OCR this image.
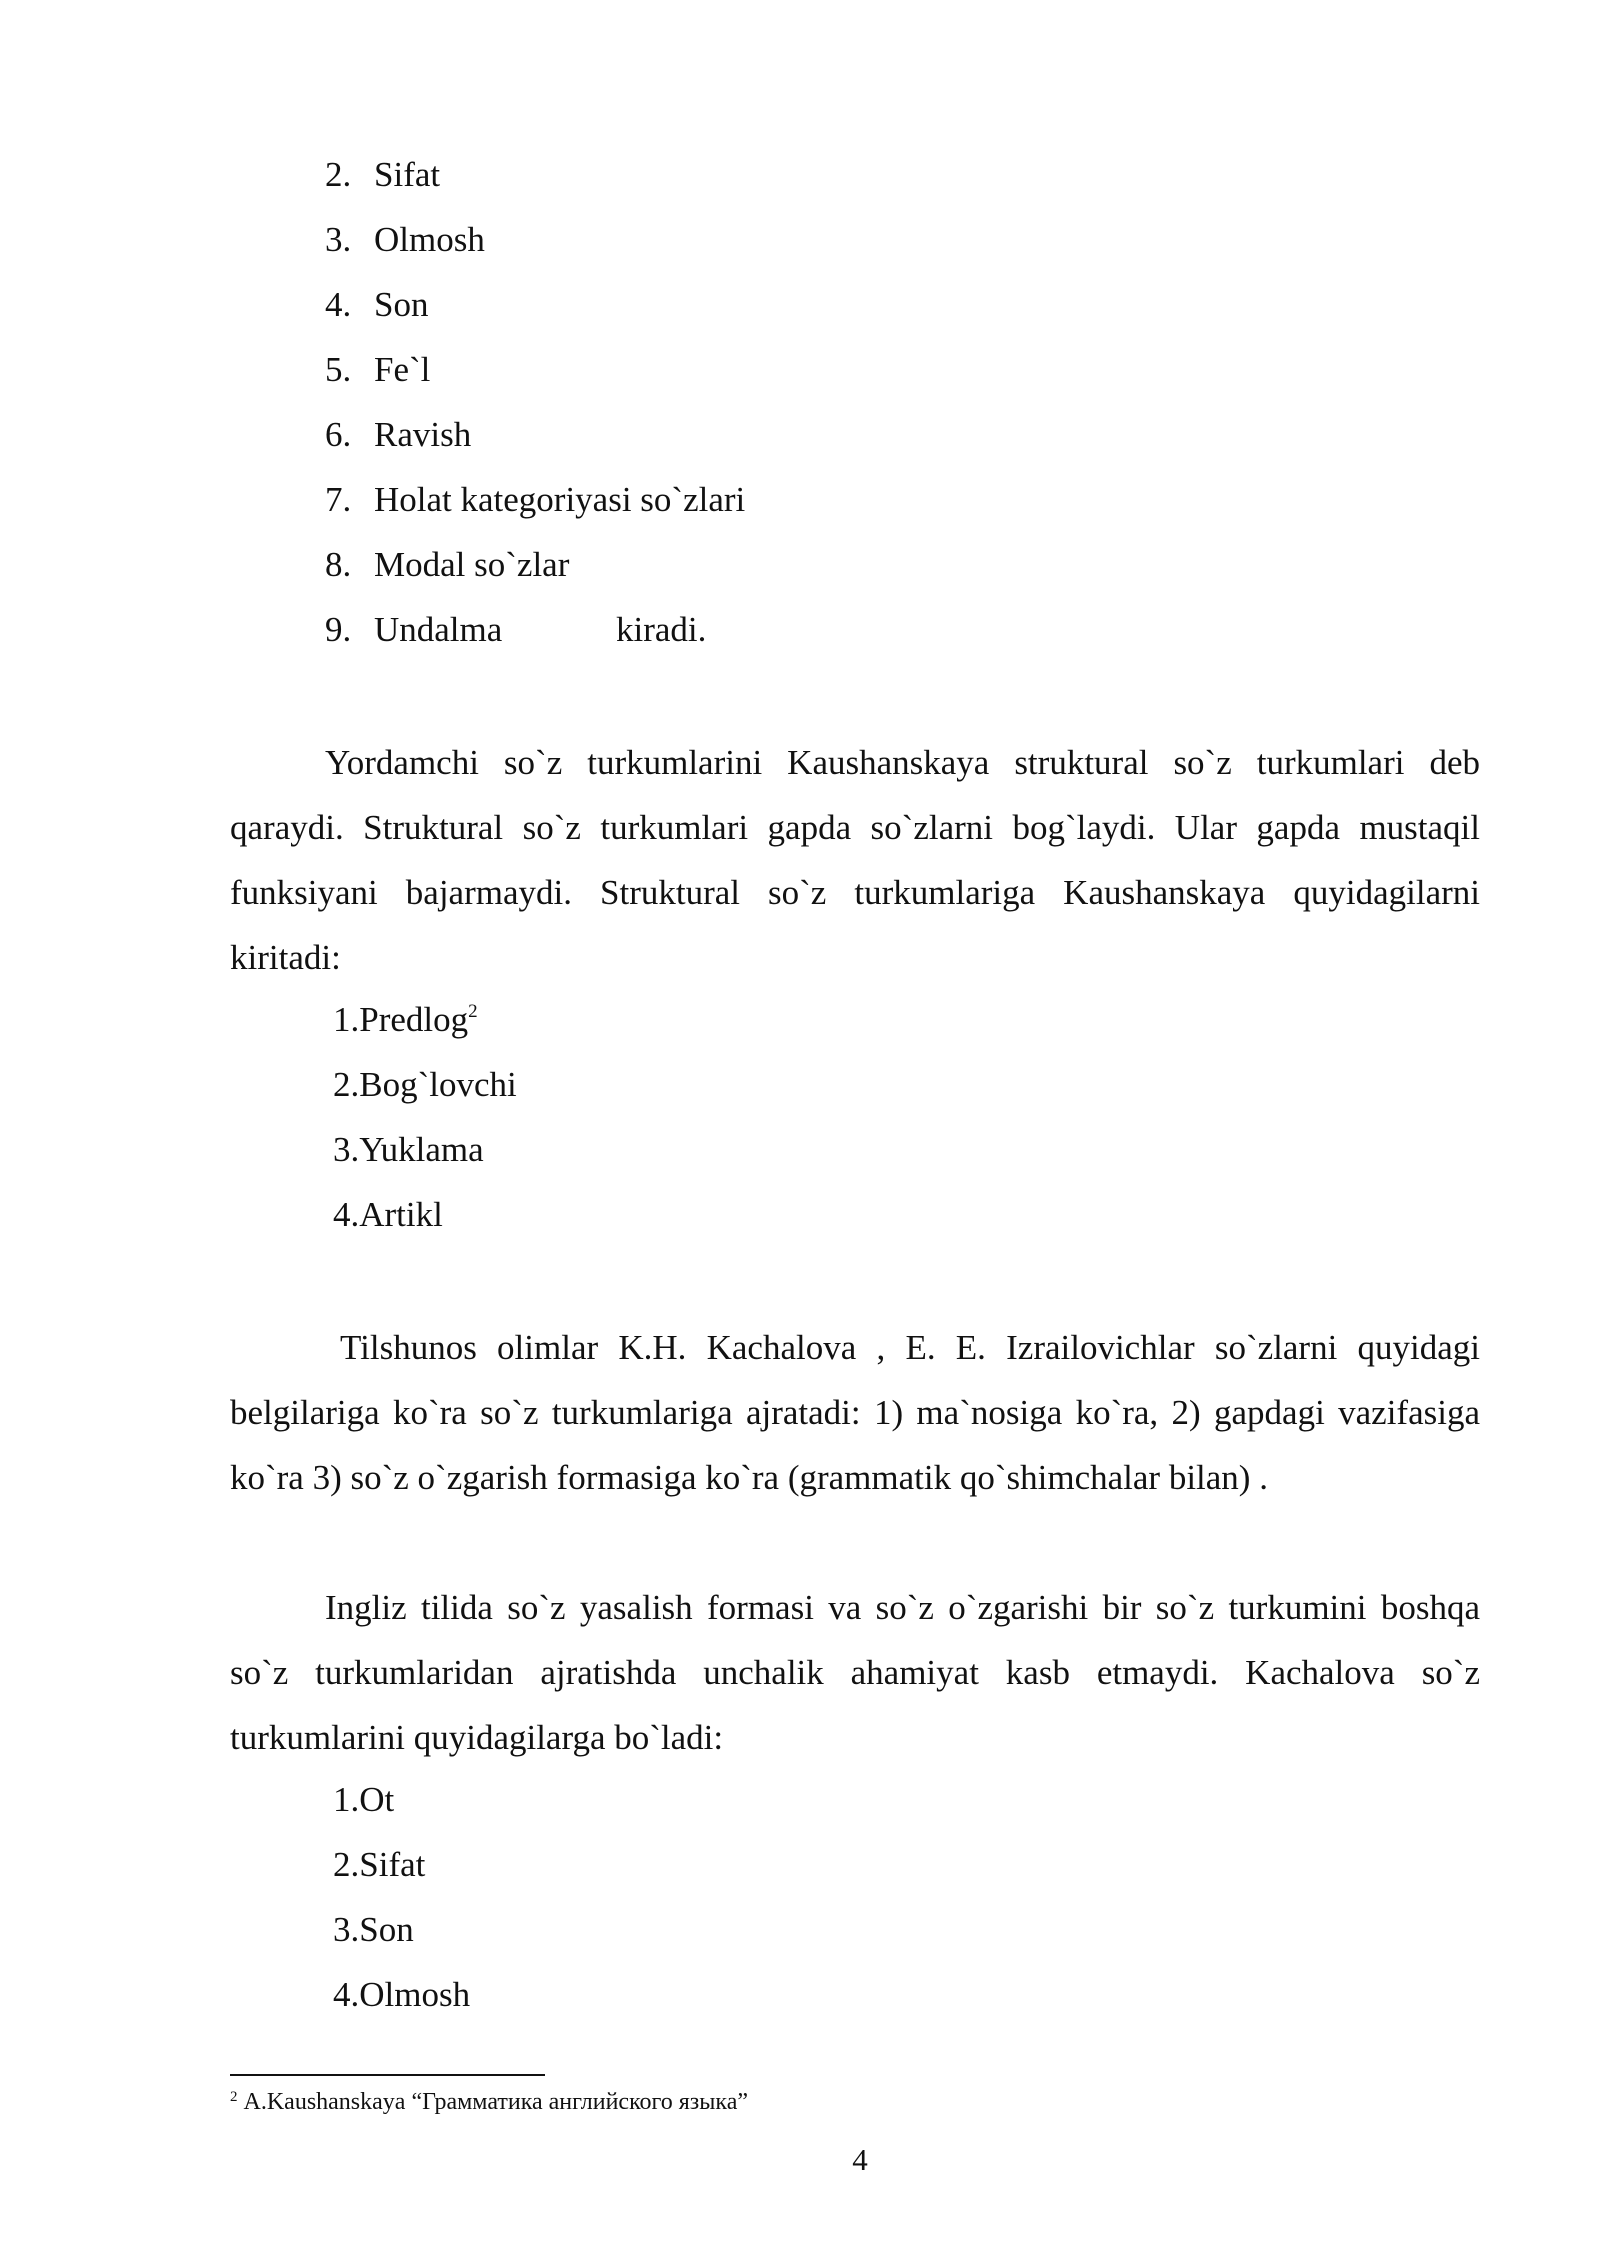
2. Sifat
3. Olmosh
4. Son
5. Fe`l
6. Ravish
7. Holat kategoriyasi so`zlari
8. Modal so`zlar
9. Undalma	kiradi.
Yordamchi so`z turkumlarini Kaushanskaya struktural so`z turkumlari deb qaraydi. Struktural so`z turkumlari gapda so`zlarni bog`laydi. Ular gapda mustaqil funksiyani bajarmaydi. Struktural so`z turkumlariga Kaushanskaya quyidagilarni kiritadi:
1.Predlog$^2$
2.Bog`lovchi
3.Yuklama
4.Artikl
Tilshunos olimlar K.H. Kachalova , E. E. Izrailovichlar so`zlarni quyidagi belgilariga ko`ra so`z turkumlariga ajratadi: 1) ma`nosiga ko`ra, 2) gapdagi vazifasiga ko`ra 3) so`z o`zgarish formasiga ko`ra (grammatik qo`shimchalar bilan) .
Ingliz tilida so`z yasalish formasi va so`z o`zgarishi bir so`z turkumini boshqa so`z turkumlaridan ajratishda unchalik ahamiyat kasb etmaydi. Kachalova so`z turkumlarini quyidagilarga bo`ladi:
1.Ot
2.Sifat
3.Son
4.Olmosh
$^2$ A.Kaushanskaya “Грамматика английского языка”
4
